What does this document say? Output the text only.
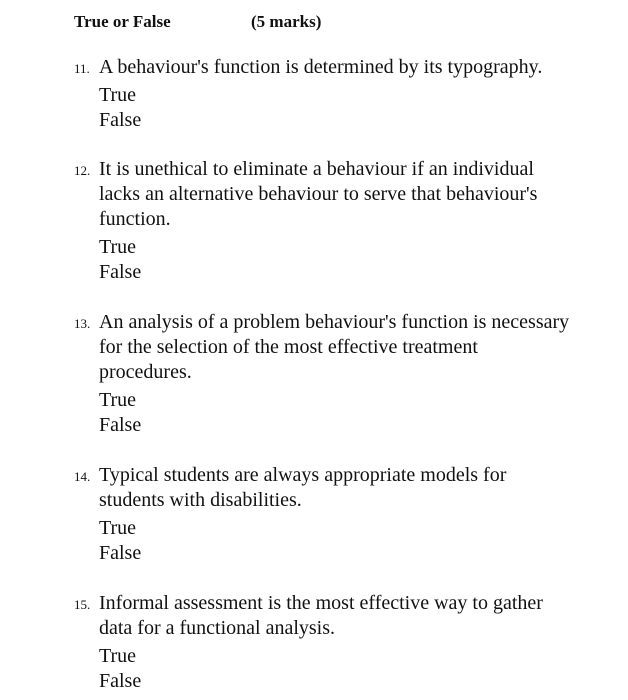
True or False	(5 marks)
11. A behaviour's function is determined by its typography.
True
False
12. It is unethical to eliminate a behaviour if an individual lacks an alternative behaviour to serve that behaviour's function.
True
False
13. An analysis of a problem behaviour's function is necessary for the selection of the most effective treatment procedures.
True
False
14. Typical students are always appropriate models for students with disabilities.
True
False
15. Informal assessment is the most effective way to gather data for a functional analysis.
True
False
